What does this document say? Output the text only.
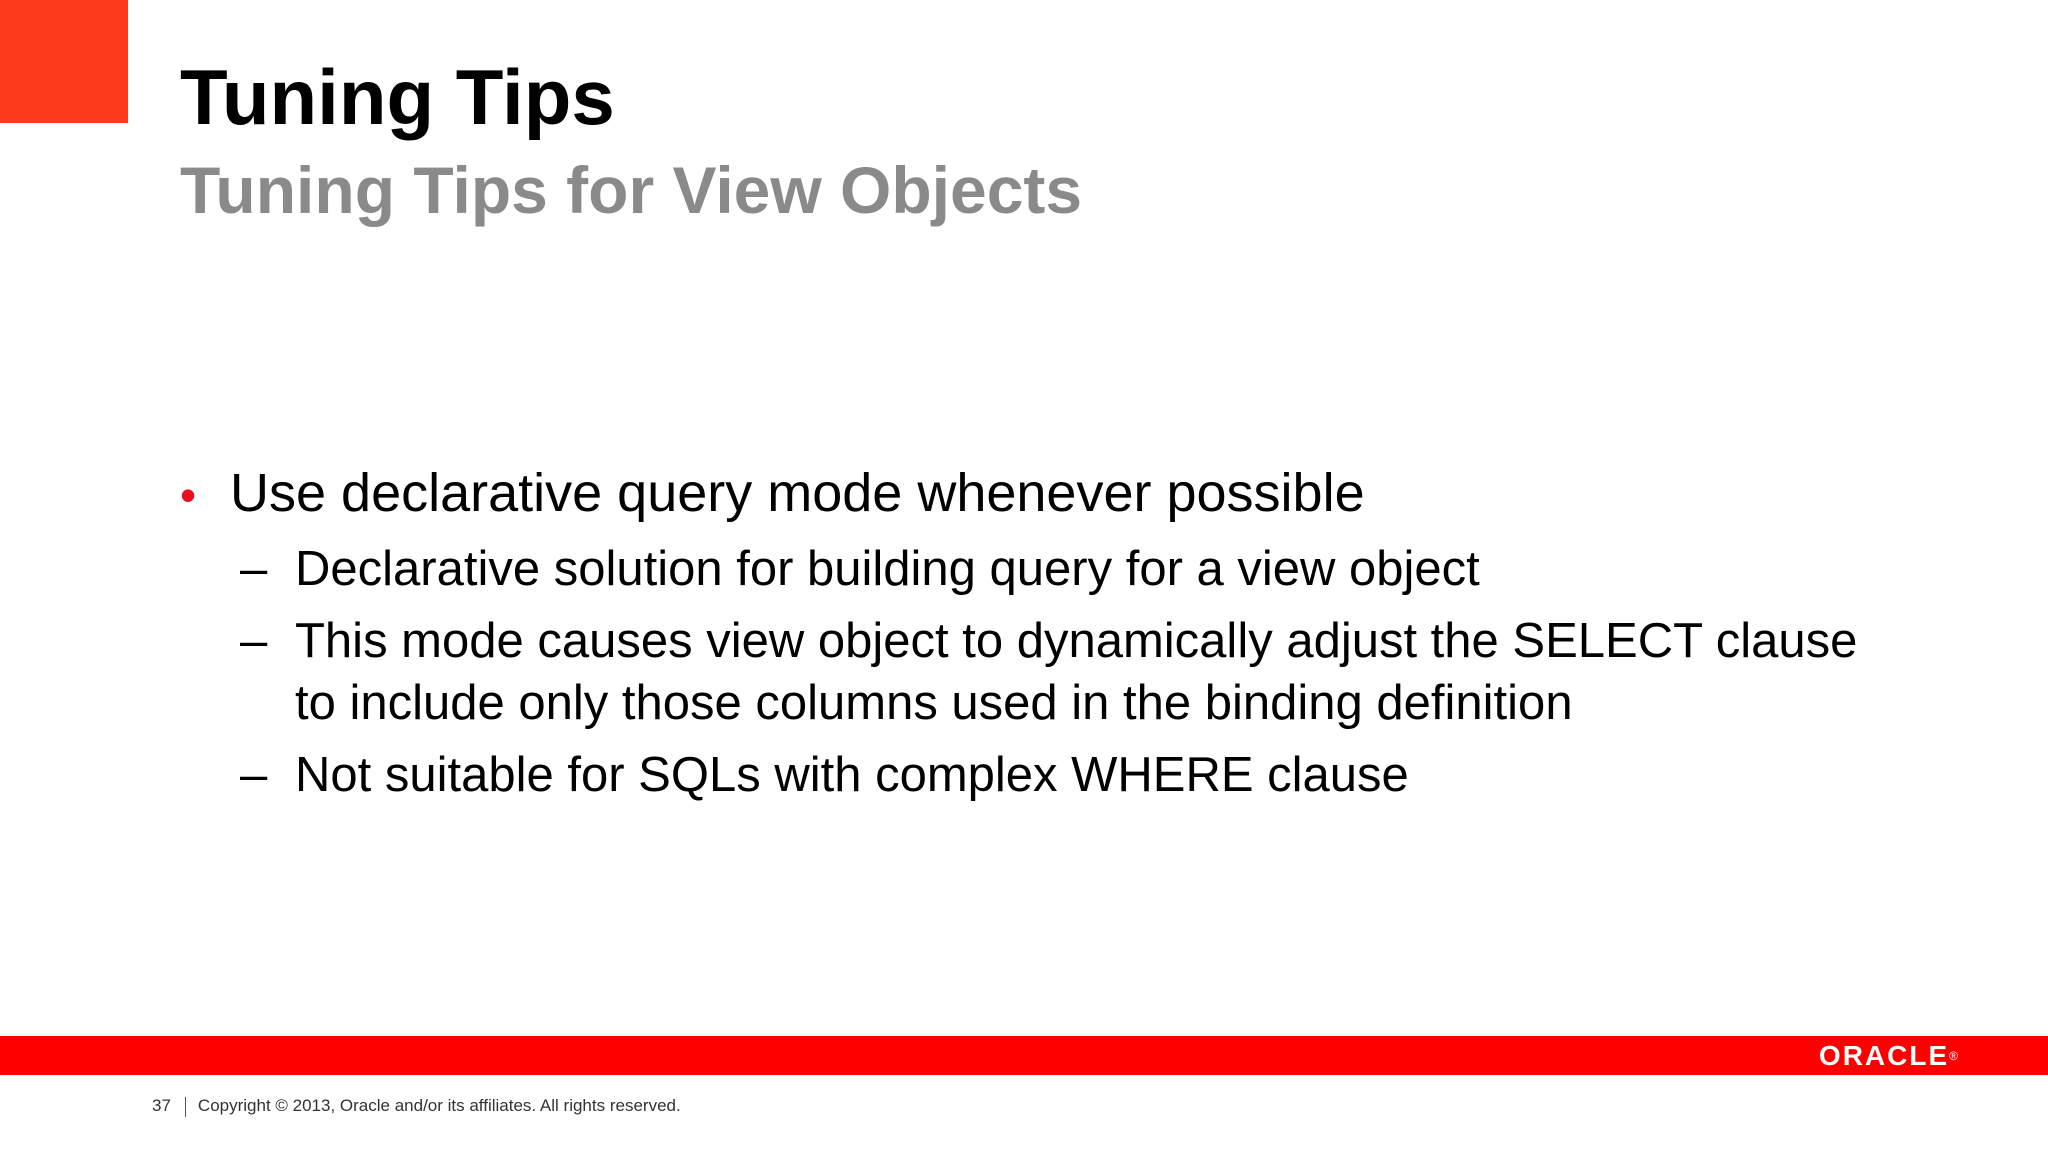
Tuning Tips
Tuning Tips for View Objects
• Use declarative query mode whenever possible
– Declarative solution for building query for a view object
– This mode causes view object to dynamically adjust the SELECT clause
to include only those columns used in the binding definition
– Not suitable for SQLs with complex WHERE clause
ORACLE®
37 Copyright © 2013, Oracle and/or its affiliates. All rights reserved.
